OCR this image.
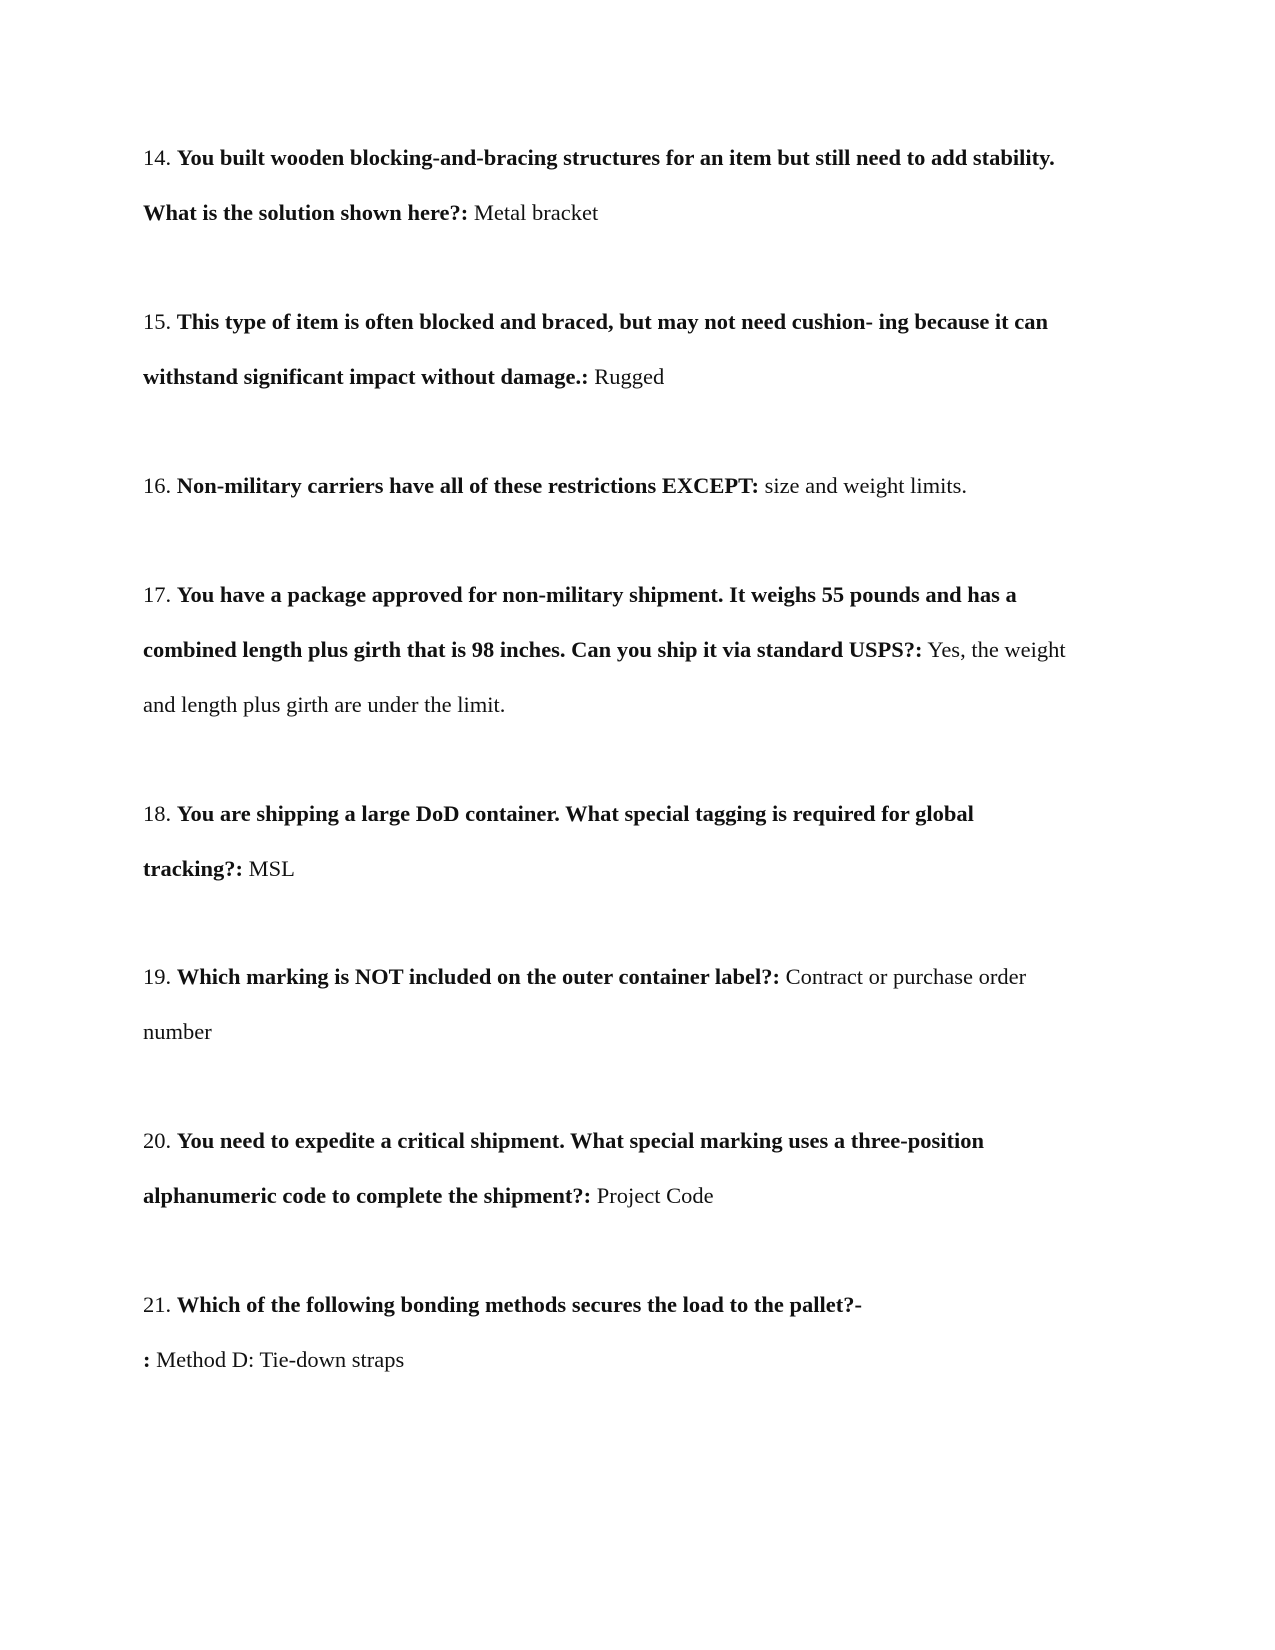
14. You built wooden blocking-and-bracing structures for an item but still need to add stability. What is the solution shown here?: Metal bracket
15. This type of item is often blocked and braced, but may not need cushion- ing because it can withstand significant impact without damage.: Rugged
16. Non-military carriers have all of these restrictions EXCEPT: size and weight limits.
17. You have a package approved for non-military shipment. It weighs 55 pounds and has a combined length plus girth that is 98 inches. Can you ship it via standard USPS?: Yes, the weight and length plus girth are under the limit.
18. You are shipping a large DoD container. What special tagging is required for global tracking?: MSL
19. Which marking is NOT included on the outer container label?: Contract or purchase order number
20. You need to expedite a critical shipment. What special marking uses a three-position alphanumeric code to complete the shipment?: Project Code
21. Which of the following bonding methods secures the load to the pallet?-
: Method D: Tie-down straps
